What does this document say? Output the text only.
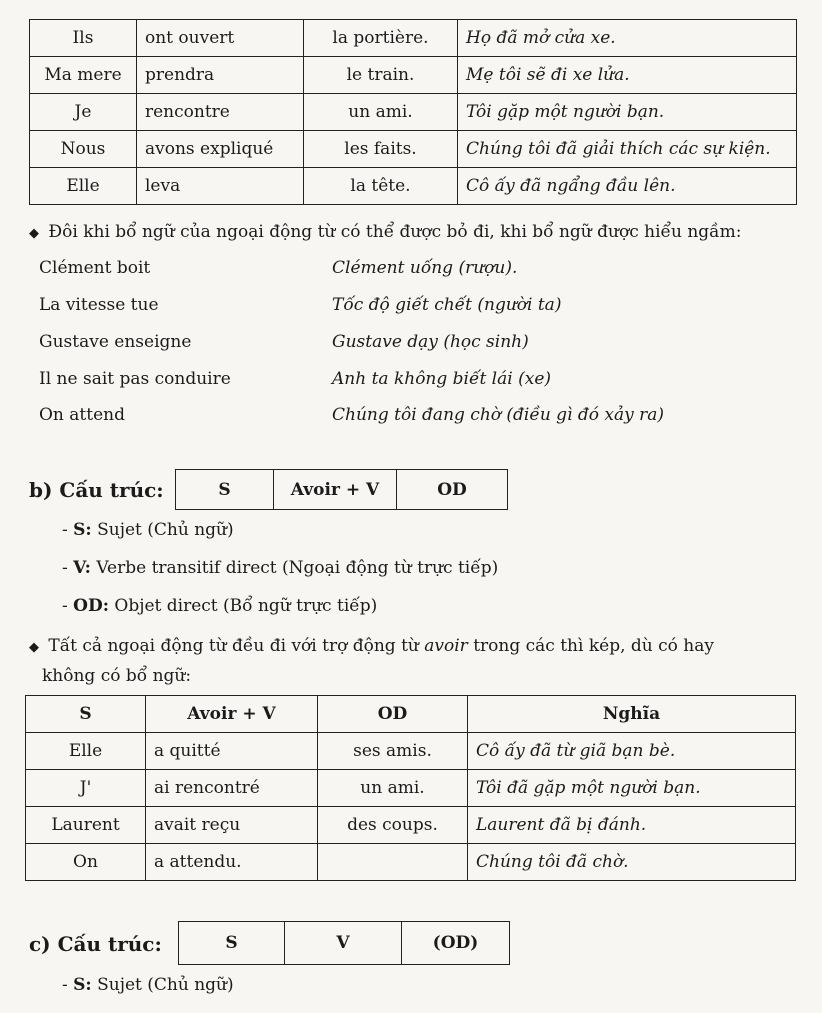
Ils	ont ouvert	la portière.	Họ đã mở cửa xe.
Ma mere	prendra	le train.	Mẹ tôi sẽ đi xe lửa.
Je	rencontre	un ami.	Tôi gặp một người bạn.
Nous	avons expliqué	les faits.	Chúng tôi đã giải thích các sự kiện.
Elle	leva	la tête.	Cô ấy đã ngẩng đầu lên.
◆ Đôi khi bổ ngữ của ngoại động từ có thể được bỏ đi, khi bổ ngữ được hiểu ngầm:
Clément boit	Clément uống (rượu).
La vitesse tue	Tốc độ giết chết (người ta)
Gustave enseigne	Gustave dạy (học sinh)
Il ne sait pas conduire	Anh ta không biết lái (xe)
On attend	Chúng tôi đang chờ (điều gì đó xảy ra)
b) Cấu trúc:	S	Avoir + V	OD
- S: Sujet (Chủ ngữ)
- V: Verbe transitif direct (Ngoại động từ trực tiếp)
- OD: Objet direct (Bổ ngữ trực tiếp)
◆ Tất cả ngoại động từ đều đi với trợ động từ avoir trong các thì kép, dù có hay
không có bổ ngữ:
S	Avoir + V	OD	Nghĩa
Elle	a quitté	ses amis.	Cô ấy đã từ giã bạn bè.
J'	ai rencontré	un ami.	Tôi đã gặp một người bạn.
Laurent	avait reçu	des coups.	Laurent đã bị đánh.
On	a attendu.		Chúng tôi đã chờ.
c) Cấu trúc:	S	V	(OD)
- S: Sujet (Chủ ngữ)
